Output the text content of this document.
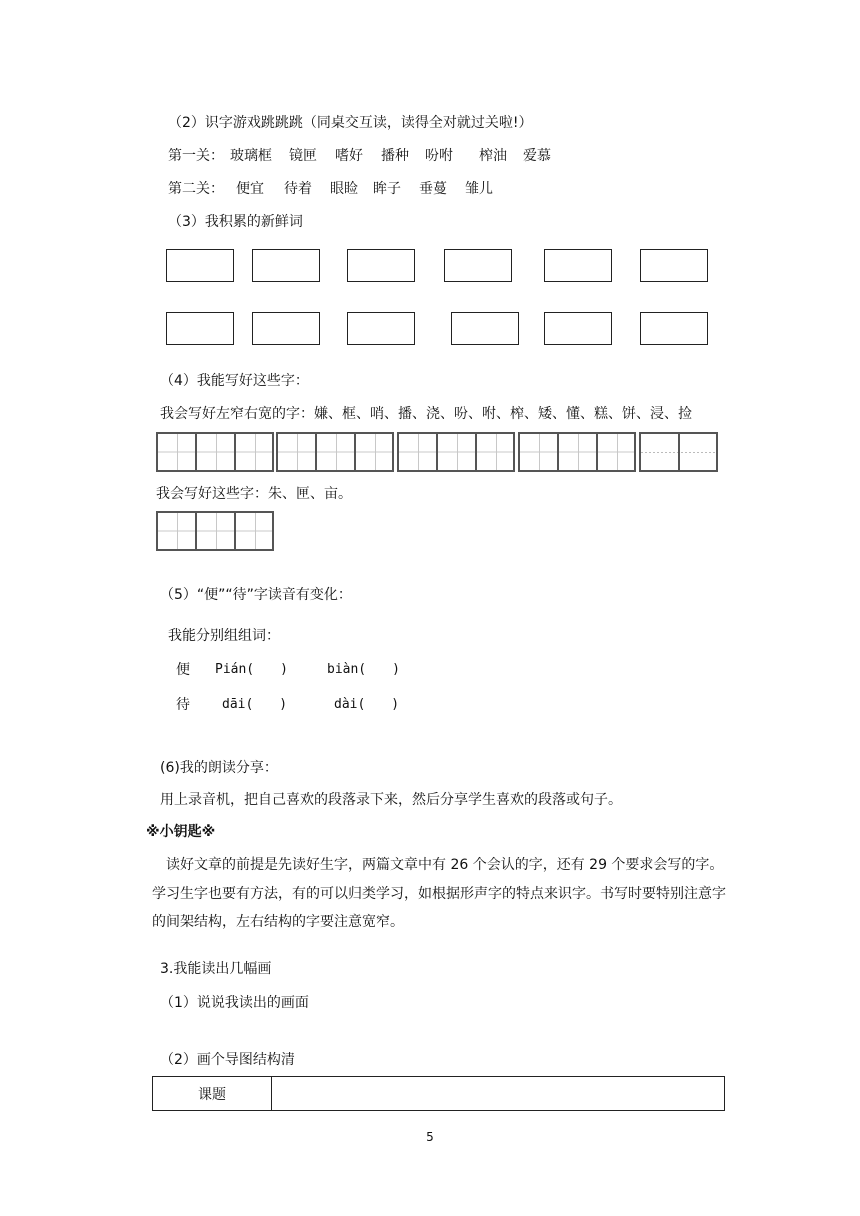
（2）识字游戏跳跳跳（同桌交互读，读得全对就过关啦!）
第一关： 玻璃框 镜匣 嗜好 播种 吩咐 榨油 爱慕
第二关： 便宜 待着 眼睑 眸子 垂蔓 雏儿
（3）我积累的新鲜词
（4）我能写好这些字：
我会写好左窄右宽的字：嫌、框、哨、播、浇、吩、咐、榨、矮、懂、糕、饼、浸、捡
我会写好这些字：朱、匣、亩。
（5）“便”“待”字读音有变化：
我能分别组组词：
便 Pián(　　)	biàn(　　)
待 dāi(　　)	dài(　　)
(6)我的朗读分享：
用上录音机，把自己喜欢的段落录下来，然后分享学生喜欢的段落或句子。
※小钥匙※
读好文章的前提是先读好生字，两篇文章中有 26 个会认的字，还有 29 个要求会写的字。学习生字也要有方法，有的可以归类学习，如根据形声字的特点来识字。书写时要特别注意字的间架结构，左右结构的字要注意宽窄。
3.我能读出几幅画
（1）说说我读出的画面
（2）画个导图结构清
课题	
5
